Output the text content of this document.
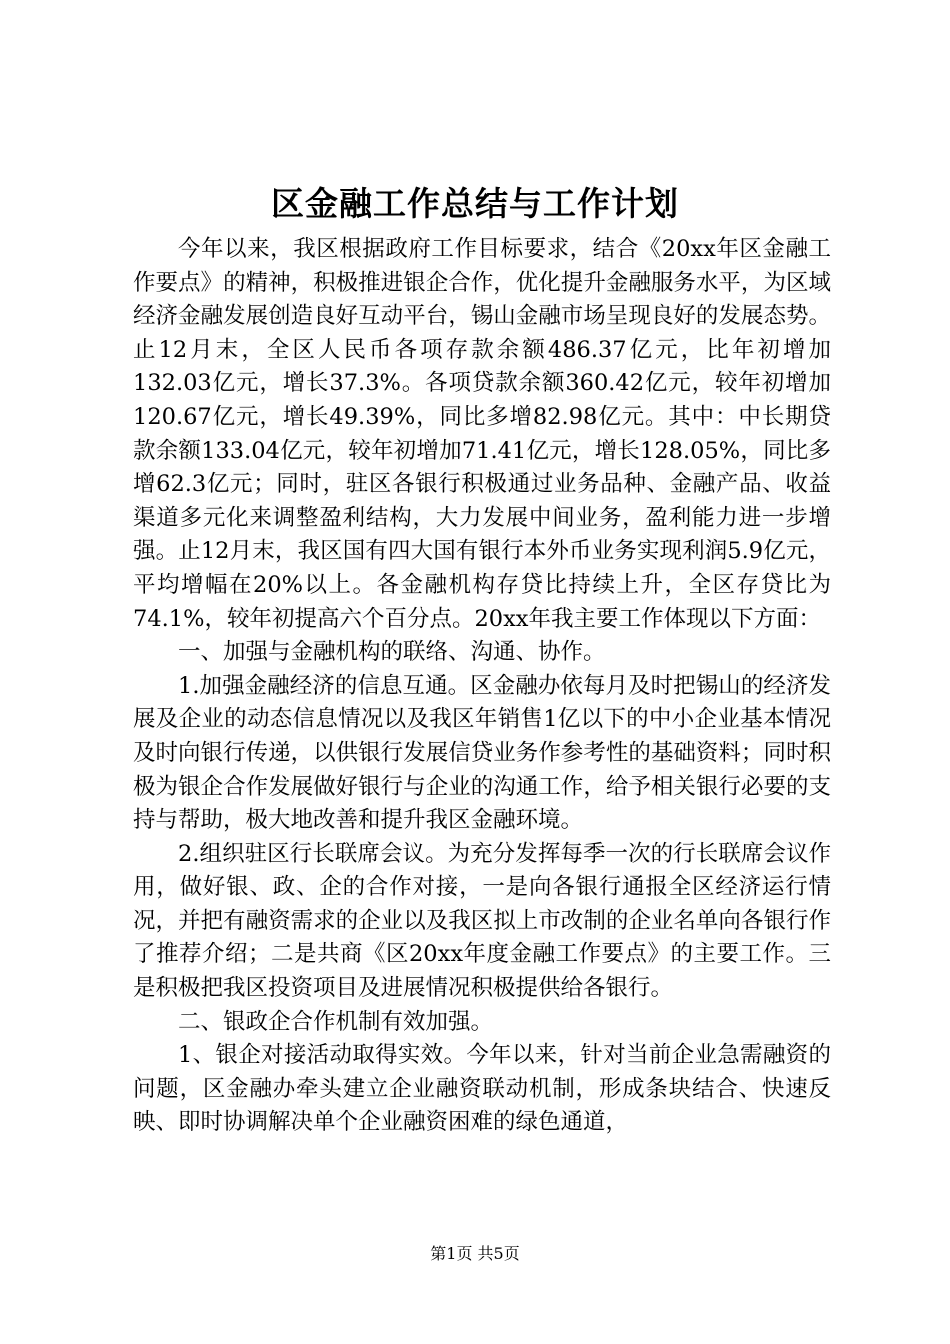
区金融工作总结与工作计划

今年以来，我区根据政府工作目标要求，结合《20xx年区金融工作要点》的精神，积极推进银企合作，优化提升金融服务水平，为区域经济金融发展创造良好互动平台，锡山金融市场呈现良好的发展态势。止12月末，全区人民币各项存款余额486.37亿元，比年初增加132.03亿元，增长37.3%。各项贷款余额360.42亿元，较年初增加120.67亿元，增长49.39%，同比多增82.98亿元。其中：中长期贷款余额133.04亿元，较年初增加71.41亿元，增长128.05%，同比多增62.3亿元；同时，驻区各银行积极通过业务品种、金融产品、收益渠道多元化来调整盈利结构，大力发展中间业务，盈利能力进一步增强。止12月末，我区国有四大国有银行本外币业务实现利润5.9亿元，平均增幅在20%以上。各金融机构存贷比持续上升，全区存贷比为74.1%，较年初提高六个百分点。20xx年我主要工作体现以下方面：

一、加强与金融机构的联络、沟通、协作。

1.加强金融经济的信息互通。区金融办依每月及时把锡山的经济发展及企业的动态信息情况以及我区年销售1亿以下的中小企业基本情况及时向银行传递，以供银行发展信贷业务作参考性的基础资料；同时积极为银企合作发展做好银行与企业的沟通工作，给予相关银行必要的支持与帮助，极大地改善和提升我区金融环境。

2.组织驻区行长联席会议。为充分发挥每季一次的行长联席会议作用，做好银、政、企的合作对接，一是向各银行通报全区经济运行情况，并把有融资需求的企业以及我区拟上市改制的企业名单向各银行作了推荐介绍；二是共商《区20xx年度金融工作要点》的主要工作。三是积极把我区投资项目及进展情况积极提供给各银行。

二、银政企合作机制有效加强。

1、银企对接活动取得实效。今年以来，针对当前企业急需融资的问题，区金融办牵头建立企业融资联动机制，形成条块结合、快速反映、即时协调解决单个企业融资困难的绿色通道，

第1页 共5页
